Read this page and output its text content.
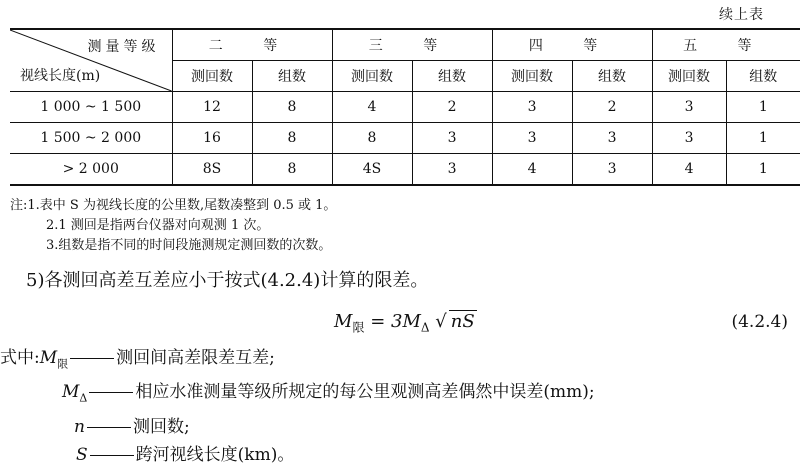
续上表
测量等级
视线长度(m)	二 等		三 等		四 等		五 等	
	测回数	组数	测回数	组数	测回数	组数	测回数	组数
1 000 ~ 1 500	12	8	4	2	3	2	3	1
1 500 ~ 2 000	16	8	8	3	3	3	3	1
> 2 000	8S	8	4S	3	4	3	4	1
注:1.表中 S 为视线长度的公里数,尾数凑整到 0.5 或 1。
2.1 测回是指两台仪器对向观测 1 次。
3.组数是指不同的时间段施测规定测回数的次数。
5)各测回高差互差应小于按式(4.2.4)计算的限差。
$M_限 = 3M_\Delta$ √ nS	(4.2.4)
式中$:M_限$	测回间高差限差互差;
$M_\Delta$	相应水准测量等级所规定的每公里观测高差偶然中误差(mm);
n	测回数;
S	跨河视线长度(km)。
